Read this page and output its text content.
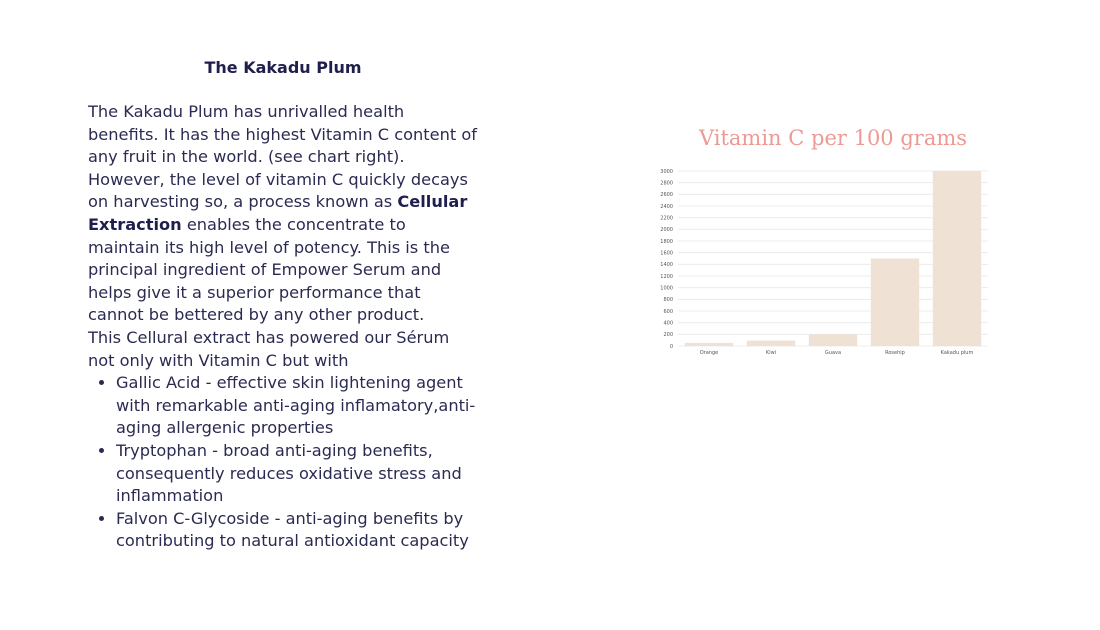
The Kakadu Plum

The Kakadu Plum has unrivalled health benefits. It has the highest Vitamin C content of any fruit in the world. (see chart right). However, the level of vitamin C quickly decays on harvesting so, a process known as Cellular Extraction enables the concentrate to maintain its high level of potency. This is the principal ingredient of Empower Serum and helps give it a superior performance that cannot be bettered by any other product.

This Cellural extract has powered our Sérum not only with Vitamin C but with

• Gallic Acid - effective skin lightening agent with remarkable anti-aging inflamatory,anti-aging allergenic properties
• Tryptophan - broad anti-aging benefits, consequently reduces oxidative stress and inflammation
• Falvon C-Glycoside - anti-aging benefits by contributing to natural antioxidant capacity

Vitamin C per 100 grams

0
200
400
600
800
1000
1200
1400
1600
1800
2000
2200
2400
2600
2800
3000
Orange	Kiwi	Guava	Rosehip	Kakadu plum
